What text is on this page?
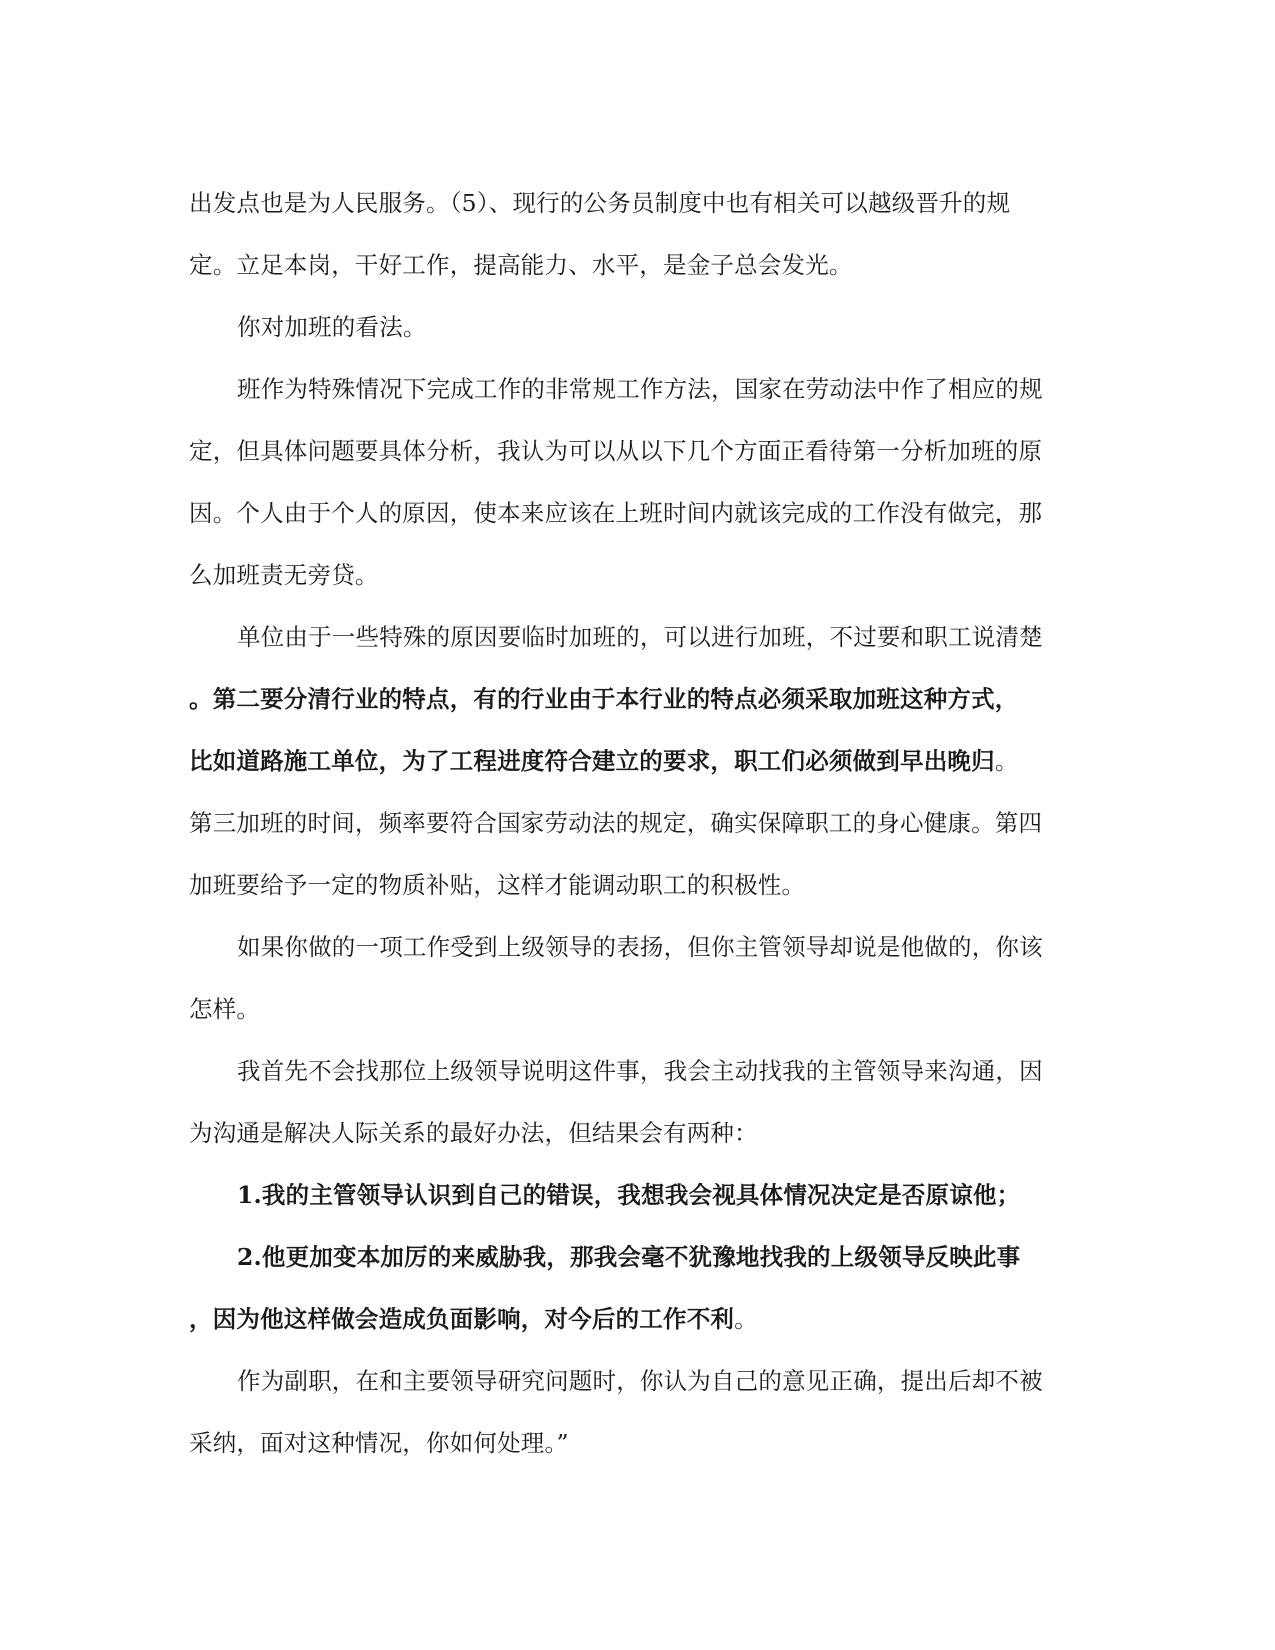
出发点也是为人民服务。（5）、现行的公务员制度中也有相关可以越级晋升的规
定。立足本岗，干好工作，提高能力、水平，是金子总会发光。
你对加班的看法。
班作为特殊情况下完成工作的非常规工作方法，国家在劳动法中作了相应的规
定，但具体问题要具体分析，我认为可以从以下几个方面正看待第一分析加班的原
因。个人由于个人的原因，使本来应该在上班时间内就该完成的工作没有做完，那
么加班责无旁贷。
单位由于一些特殊的原因要临时加班的，可以进行加班，不过要和职工说清楚
。第二要分清行业的特点，有的行业由于本行业的特点必须采取加班这种方式，
比如道路施工单位，为了工程进度符合建立的要求，职工们必须做到早出晚归。
第三加班的时间，频率要符合国家劳动法的规定，确实保障职工的身心健康。第四
加班要给予一定的物质补贴，这样才能调动职工的积极性。
如果你做的一项工作受到上级领导的表扬，但你主管领导却说是他做的，你该
怎样。
我首先不会找那位上级领导说明这件事，我会主动找我的主管领导来沟通，因
为沟通是解决人际关系的最好办法，但结果会有两种：
1.我的主管领导认识到自己的错误，我想我会视具体情况决定是否原谅他；
2.他更加变本加厉的来威胁我，那我会毫不犹豫地找我的上级领导反映此事
，因为他这样做会造成负面影响，对今后的工作不利。
作为副职，在和主要领导研究问题时，你认为自己的意见正确，提出后却不被
采纳，面对这种情况，你如何处理。”
